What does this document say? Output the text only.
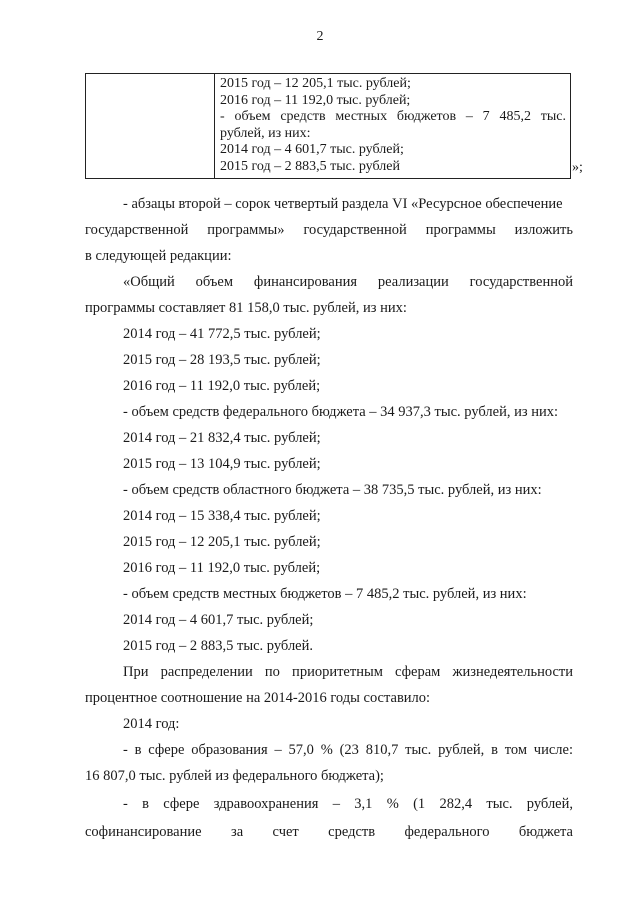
2
2015 год – 12 205,1 тыс. рублей;
2016 год – 11 192,0 тыс. рублей;
- объем средств местных бюджетов – 7 485,2 тыс.
рублей, из них:
2014 год – 4 601,7 тыс. рублей;
2015 год – 2 883,5 тыс. рублей	»;
- абзацы второй – сорок четвертый раздела VI «Ресурсное обеспечение
государственной программы» государственной программы изложить
в следующей редакции:
«Общий объем финансирования реализации государственной
программы составляет 81 158,0 тыс. рублей, из них:
2014 год – 41 772,5 тыс. рублей;
2015 год – 28 193,5 тыс. рублей;
2016 год – 11 192,0 тыс. рублей;
- объем средств федерального бюджета – 34 937,3 тыс. рублей, из них:
2014 год – 21 832,4 тыс. рублей;
2015 год – 13 104,9 тыс. рублей;
- объем средств областного бюджета – 38 735,5 тыс. рублей, из них:
2014 год – 15 338,4 тыс. рублей;
2015 год – 12 205,1 тыс. рублей;
2016 год – 11 192,0 тыс. рублей;
- объем средств местных бюджетов – 7 485,2 тыс. рублей, из них:
2014 год – 4 601,7 тыс. рублей;
2015 год – 2 883,5 тыс. рублей.
При распределении по приоритетным сферам жизнедеятельности
процентное соотношение на 2014-2016 годы составило:
2014 год:
- в сфере образования – 57,0 % (23 810,7 тыс. рублей, в том числе:
16 807,0 тыс. рублей из федерального бюджета);
- в сфере здравоохранения – 3,1 % (1 282,4 тыс. рублей,
софинансирование за счет средств федерального бюджета
